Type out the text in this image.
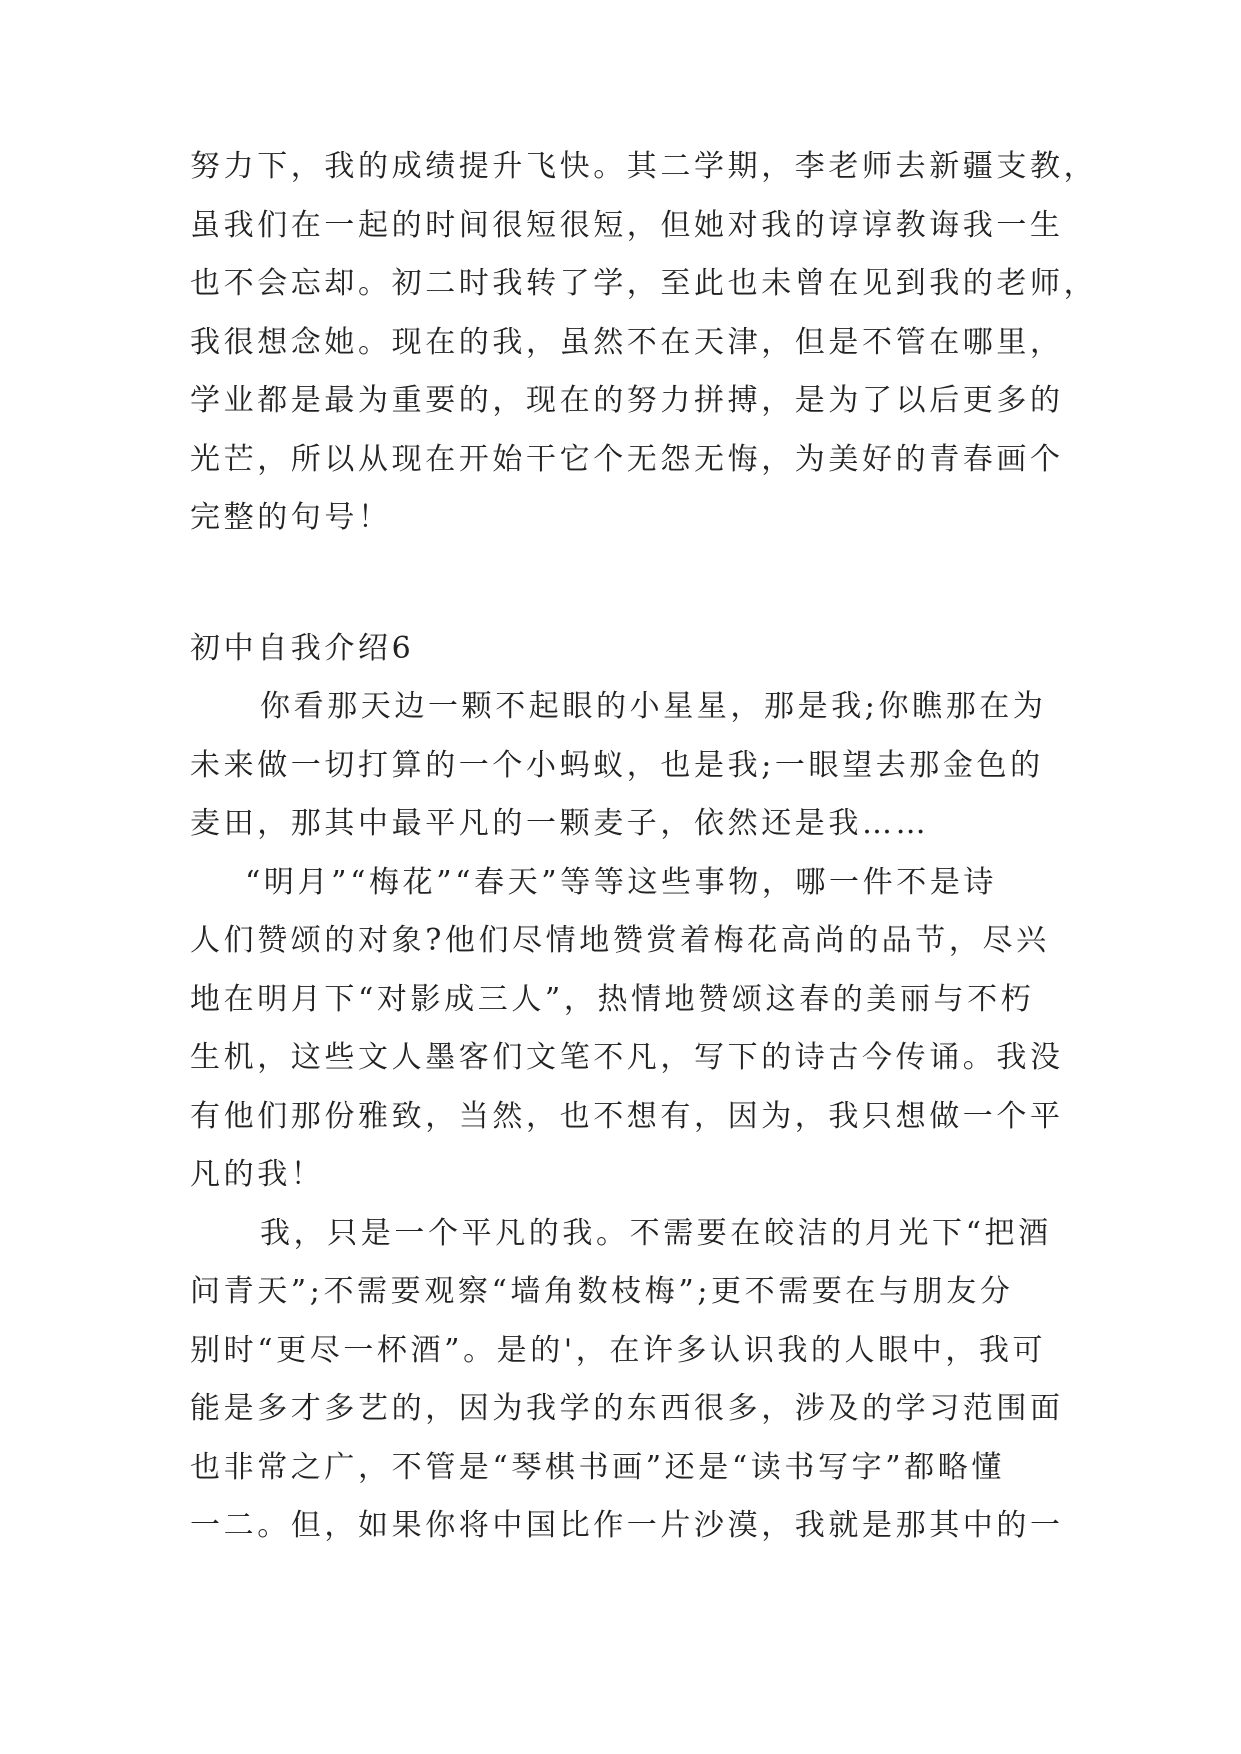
努力下，我的成绩提升飞快。其二学期，李老师去新疆支教，
虽我们在一起的时间很短很短，但她对我的谆谆教诲我一生
也不会忘却。初二时我转了学，至此也未曾在见到我的老师，
我很想念她。现在的我，虽然不在天津，但是不管在哪里，
学业都是最为重要的，现在的努力拼搏，是为了以后更多的
光芒，所以从现在开始干它个无怨无悔，为美好的青春画个
完整的句号！
初中自我介绍6
你看那天边一颗不起眼的小星星，那是我;你瞧那在为
未来做一切打算的一个小蚂蚁，也是我;一眼望去那金色的
麦田，那其中最平凡的一颗麦子，依然还是我……
“明月”“梅花”“春天”等等这些事物，哪一件不是诗
人们赞颂的对象?他们尽情地赞赏着梅花高尚的品节，尽兴
地在明月下“对影成三人”，热情地赞颂这春的美丽与不朽
生机，这些文人墨客们文笔不凡，写下的诗古今传诵。我没
有他们那份雅致，当然，也不想有，因为，我只想做一个平
凡的我！
我，只是一个平凡的我。不需要在皎洁的月光下“把酒
问青天”;不需要观察“墙角数枝梅”;更不需要在与朋友分
别时“更尽一杯酒”。是的'，在许多认识我的人眼中，我可
能是多才多艺的，因为我学的东西很多，涉及的学习范围面
也非常之广，不管是“琴棋书画”还是“读书写字”都略懂
一二。但，如果你将中国比作一片沙漠，我就是那其中的一
